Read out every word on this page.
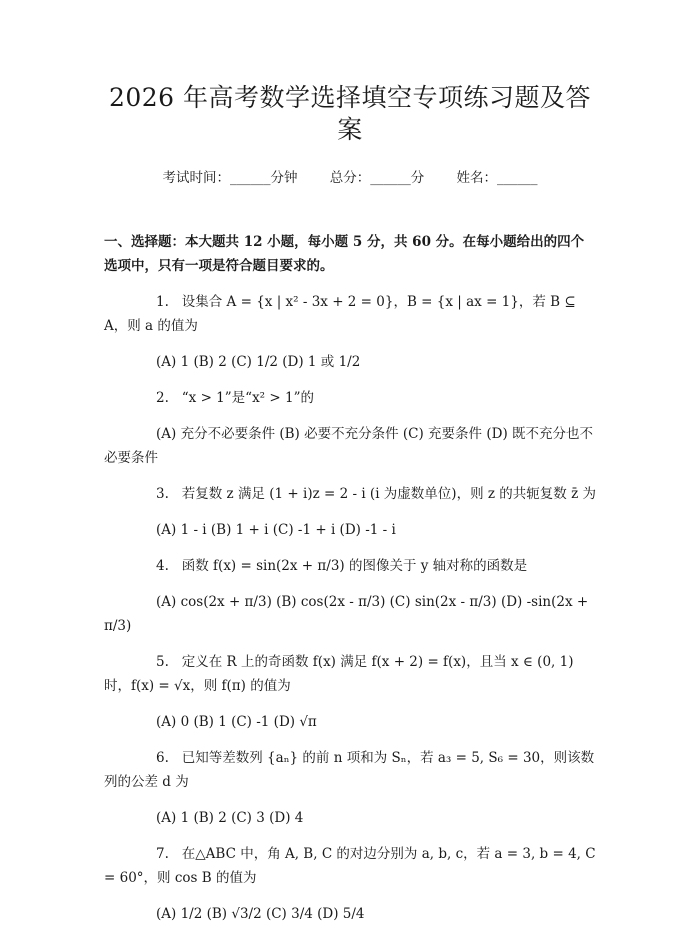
2026 年高考数学选择填空专项练习题及答案
考试时间：______分钟 总分：______分 姓名：______
一、选择题：本大题共 12 小题，每小题 5 分，共 60 分。在每小题给出的四个选项中，只有一项是符合题目要求的。
1. 设集合 A = {x | x² - 3x + 2 = 0}，B = {x | ax = 1}，若 B ⊆ A，则 a 的值为
(A) 1 (B) 2 (C) 1/2 (D) 1 或 1/2
2. “x > 1”是“x² > 1”的
(A) 充分不必要条件 (B) 必要不充分条件 (C) 充要条件 (D) 既不充分也不必要条件
3. 若复数 z 满足 (1 + i)z = 2 - i (i 为虚数单位)，则 z 的共轭复数 z̄ 为
(A) 1 - i (B) 1 + i (C) -1 + i (D) -1 - i
4. 函数 f(x) = sin(2x + π/3) 的图像关于 y 轴对称的函数是
(A) cos(2x + π/3) (B) cos(2x - π/3) (C) sin(2x - π/3) (D) -sin(2x + π/3)
5. 定义在 R 上的奇函数 f(x) 满足 f(x + 2) = f(x)，且当 x ∈ (0, 1) 时，f(x) = √x，则 f(π) 的值为
(A) 0 (B) 1 (C) -1 (D) √π
6. 已知等差数列 {aₙ} 的前 n 项和为 Sₙ，若 a₃ = 5, S₆ = 30，则该数列的公差 d 为
(A) 1 (B) 2 (C) 3 (D) 4
7. 在△ABC 中，角 A, B, C 的对边分别为 a, b, c，若 a = 3, b = 4, C = 60°，则 cos B 的值为
(A) 1/2 (B) √3/2 (C) 3/4 (D) 5/4
